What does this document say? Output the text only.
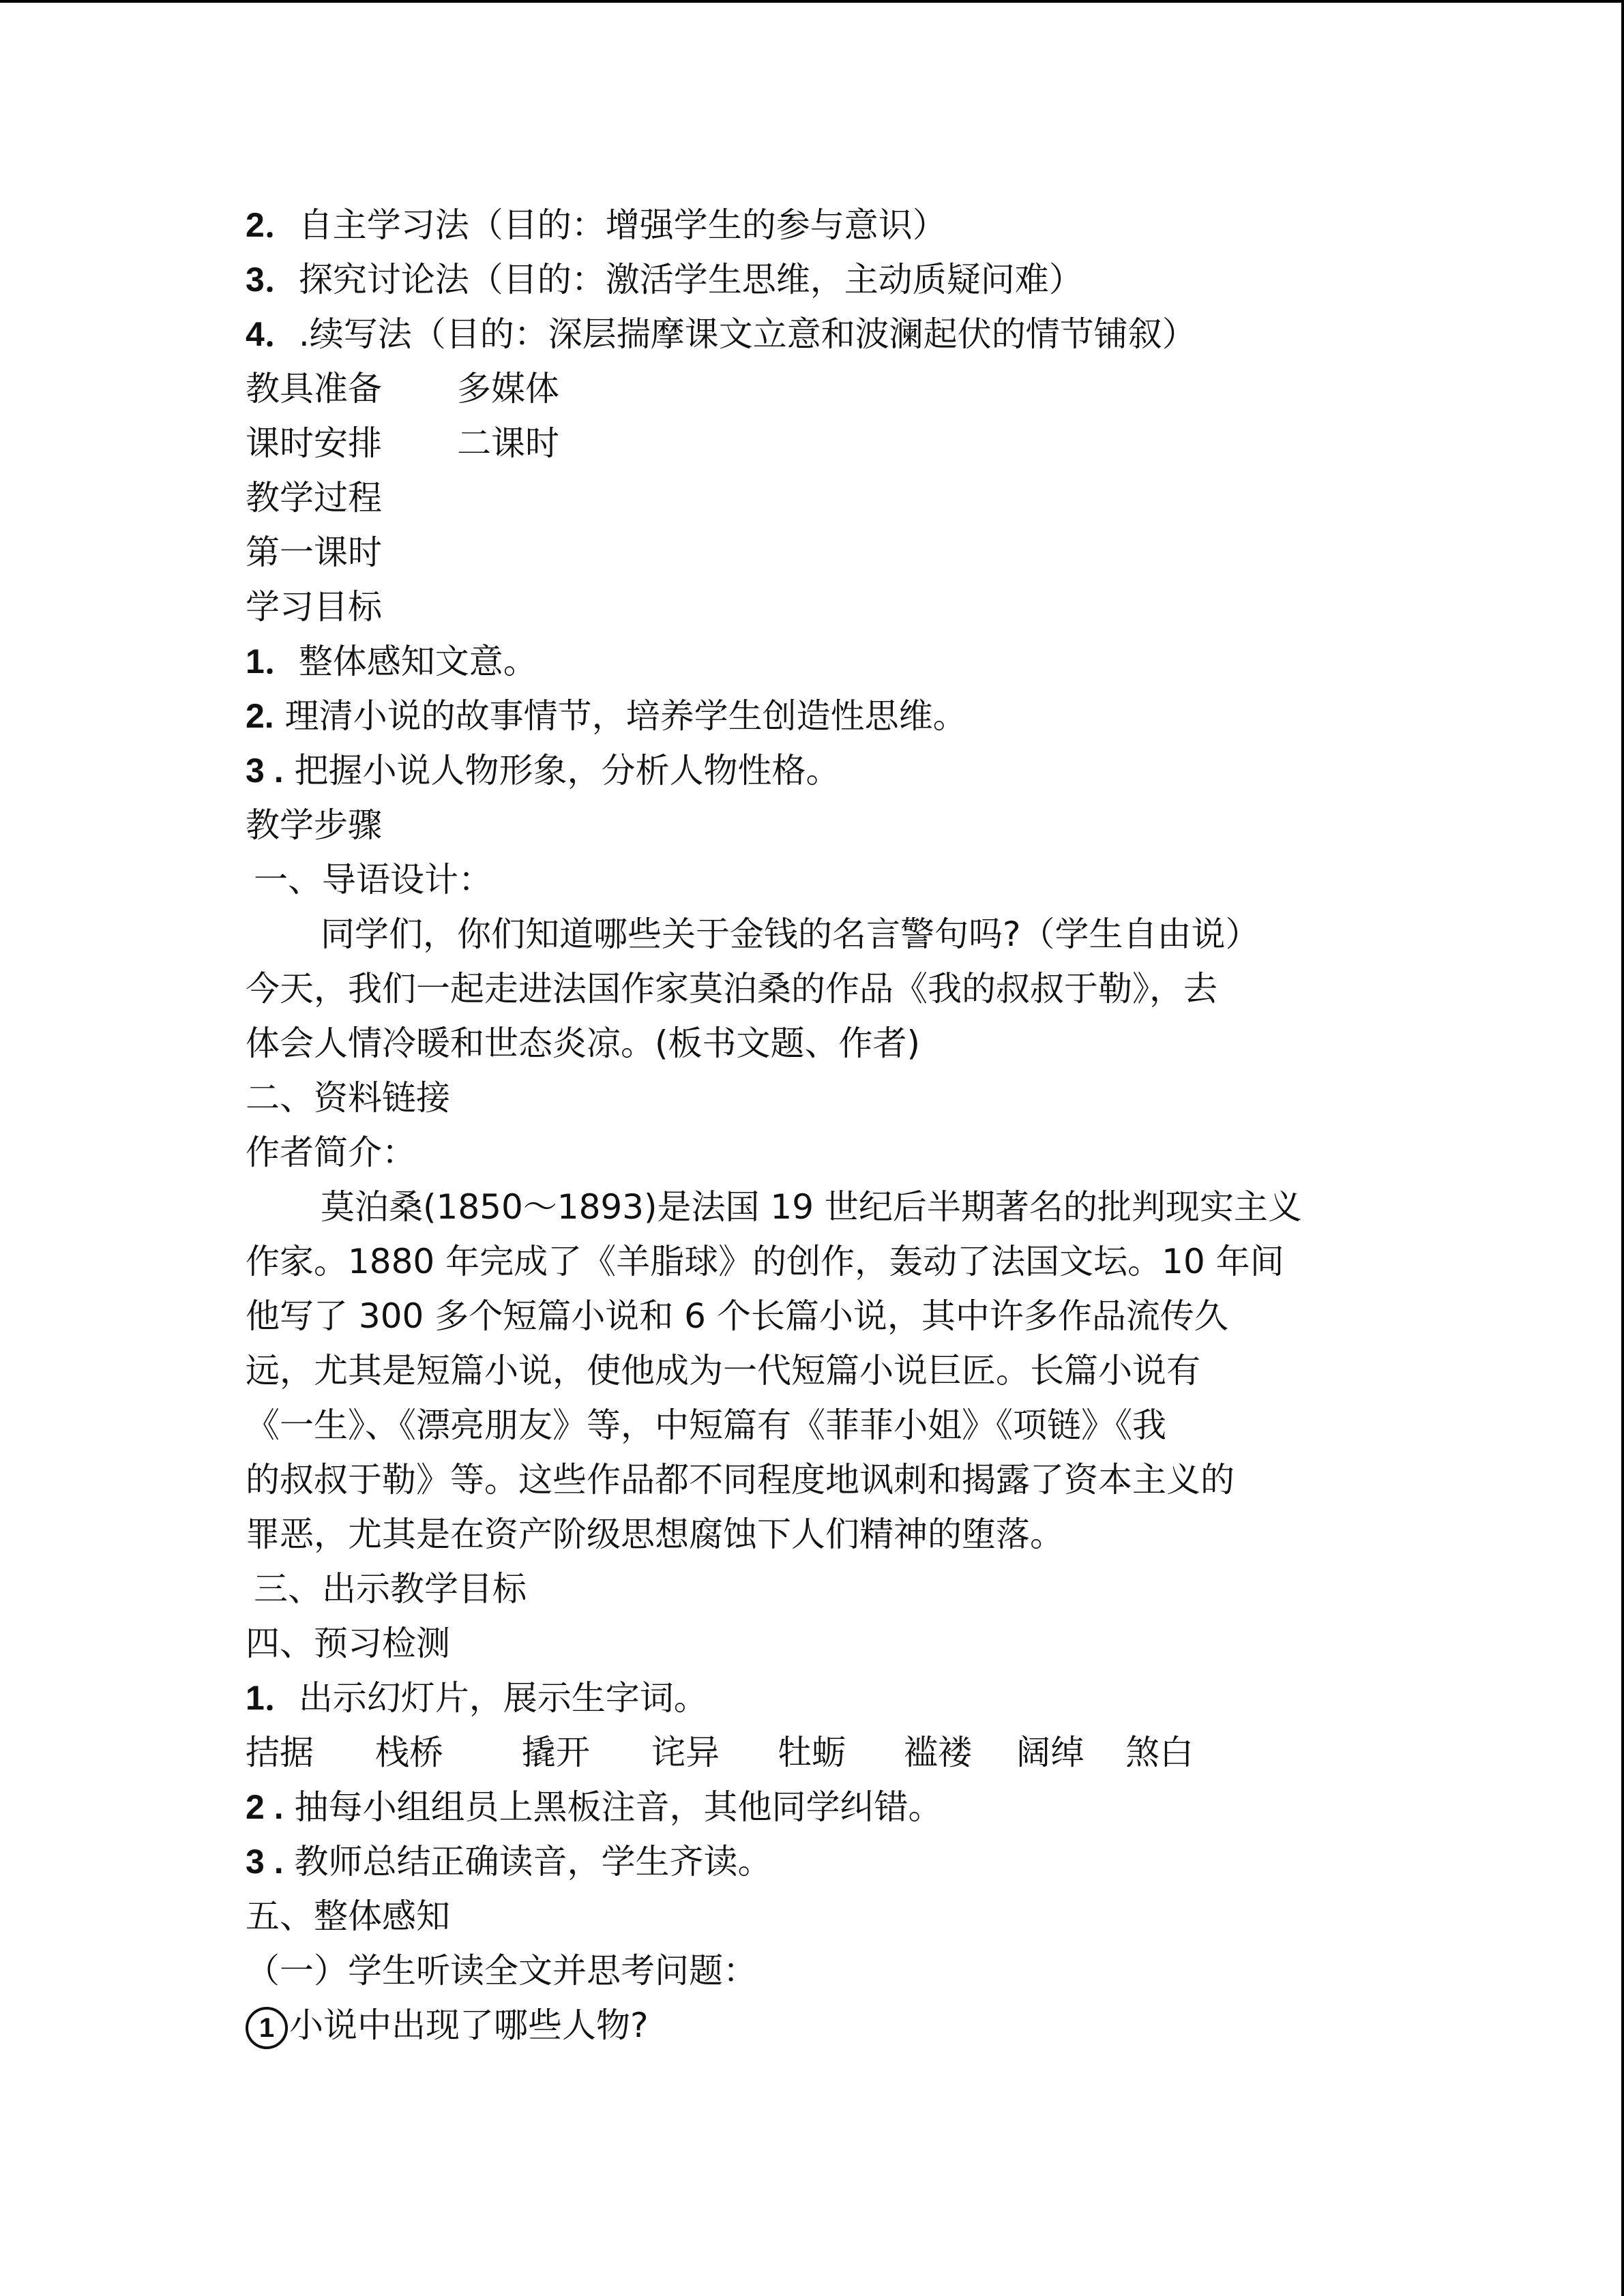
2．自主学习法（目的：增强学生的参与意识）
3．探究讨论法（目的：激活学生思维，主动质疑问难）
4．.续写法（目的：深层揣摩课文立意和波澜起伏的情节铺叙）
教具准备 多媒体
课时安排 二课时
教学过程
第一课时
学习目标
1．整体感知文意。
2. 理清小说的故事情节，培养学生创造性思维。
3 . 把握小说人物形象，分析人物性格。
教学步骤
一、导语设计：
同学们，你们知道哪些关于金钱的名言警句吗?（学生自由说）
今天，我们一起走进法国作家莫泊桑的作品《我的叔叔于勒》，去
体会人情冷暖和世态炎凉。(板书文题、作者)
二、资料链接
作者简介：
莫泊桑(1850～1893)是法国 19 世纪后半期著名的批判现实主义
作家。1880 年完成了《羊脂球》的创作，轰动了法国文坛。10 年间
他写了 300 多个短篇小说和 6 个长篇小说，其中许多作品流传久
远，尤其是短篇小说，使他成为一代短篇小说巨匠。长篇小说有
《一生》、《漂亮朋友》等，中短篇有《菲菲小姐》《项链》《我
的叔叔于勒》等。这些作品都不同程度地讽刺和揭露了资本主义的
罪恶，尤其是在资产阶级思想腐蚀下人们精神的堕落。
三、出示教学目标
四、预习检测
1．出示幻灯片，展示生字词。
拮据 栈桥 撬开 诧异 牡蛎 褴褛 阔绰 煞白
2 . 抽每小组组员上黑板注音，其他同学纠错。
3 . 教师总结正确读音，学生齐读。
五、整体感知
（一）学生听读全文并思考问题：
1 小说中出现了哪些人物?
